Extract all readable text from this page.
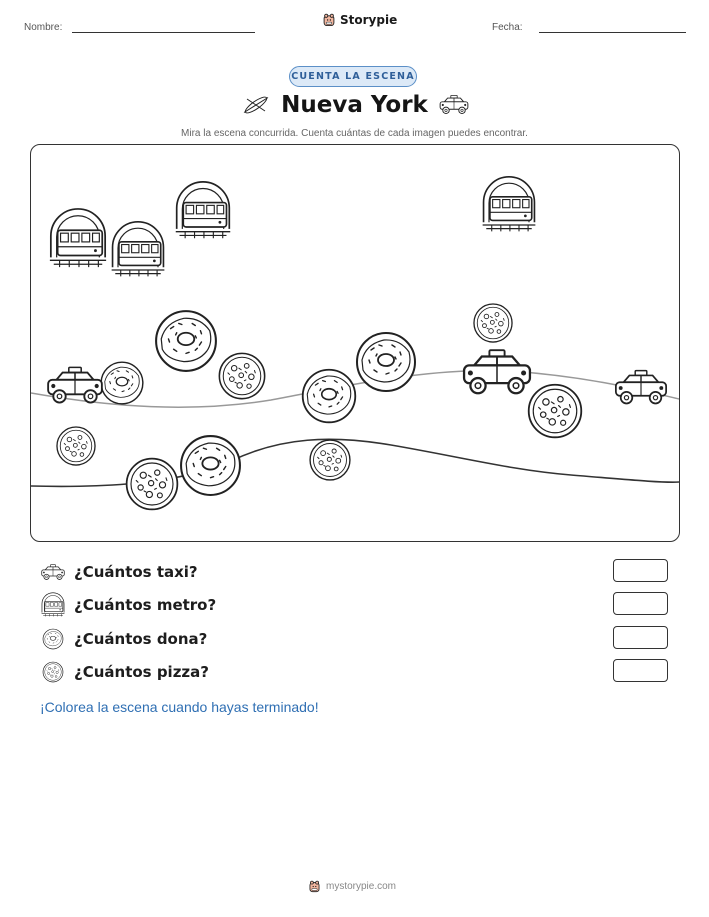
Nombre:
Storypie
Fecha:
CUENTA LA ESCENA
Nueva York
Mira la escena concurrida. Cuenta cuántas de cada imagen puedes encontrar.
¿Cuántos taxi?
¿Cuántos metro?
¿Cuántos dona?
¿Cuántos pizza?
¡Colorea la escena cuando hayas terminado!
mystorypie.com
